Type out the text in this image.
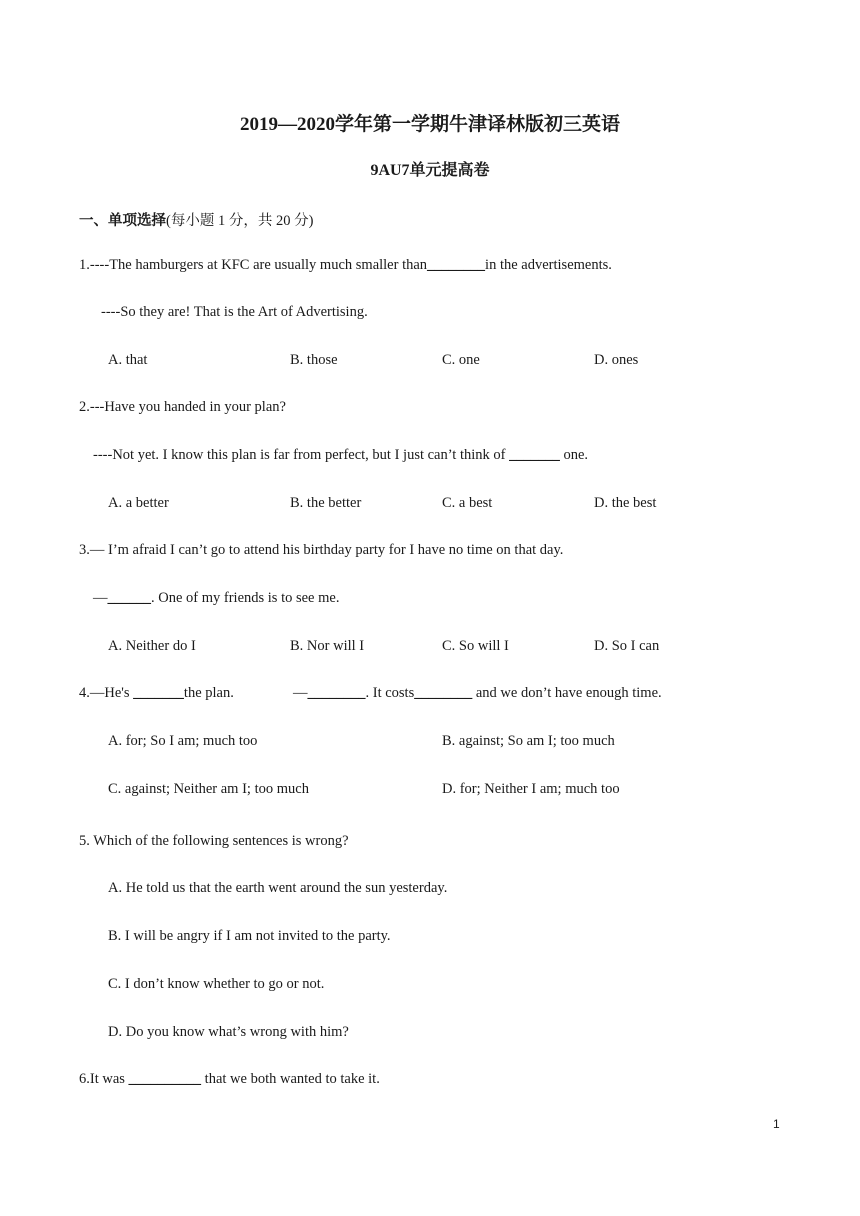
2019—2020学年第一学期牛津译林版初三英语
9AU7单元提高卷
一、单项选择(每小题 1 分，共 20 分)
1.----The hamburgers at KFC are usually much smaller than________in the advertisements.
----So they are! That is the Art of Advertising.
A. that	B. those	C. one	D. ones
2.---Have you handed in your plan?
----Not yet. I know this plan is far from perfect, but I just can’t think of _______ one.
A. a better	B. the better	C. a best	D. the best
3.— I’m afraid I can’t go to attend his birthday party for I have no time on that day.
—______. One of my friends is to see me.
A. Neither do I	B. Nor will I	C. So will I	D. So I can
4.—He's _______the plan.	—________. It costs________ and we don’t have enough time.
A. for; So I am; much too	B. against; So am I; too much
C. against; Neither am I; too much	D. for; Neither I am; much too
5. Which of the following sentences is wrong?
A. He told us that the earth went around the sun yesterday.
B. I will be angry if I am not invited to the party.
C. I don’t know whether to go or not.
D. Do you know what’s wrong with him?
6.It was __________ that we both wanted to take it.
1
